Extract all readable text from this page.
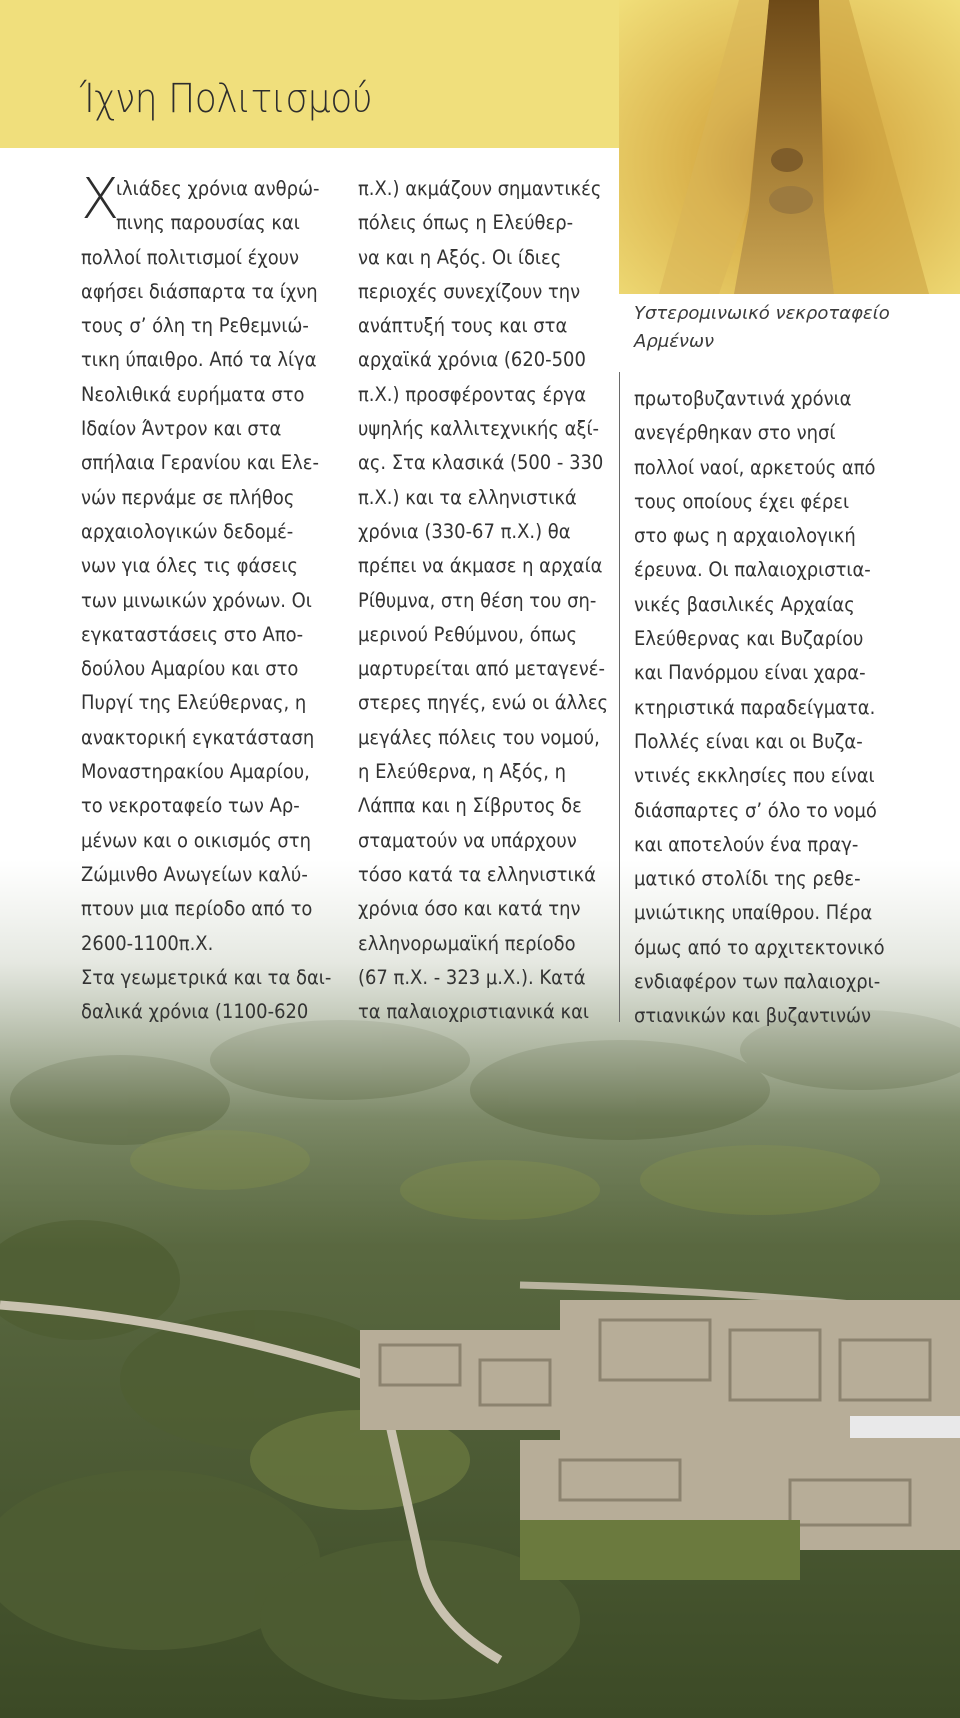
Ίχνη Πολιτισμού
Υστερομινωικό νεκροταφείο
Αρμένων
Χ
ιλιάδες χρόνια ανθρώ-
πινης παρουσίας και
πολλοί πολιτισμοί έχουν
αφήσει διάσπαρτα τα ίχνη
τους σ’ όλη τη Ρεθεμνιώ-
τικη ύπαιθρο. Από τα λίγα
Νεολιθικά ευρήματα στο
Ιδαίον Άντρον και στα
σπήλαια Γερανίου και Ελε-
νών περνάμε σε πλήθος
αρχαιολογικών δεδομέ-
νων για όλες τις φάσεις
των μινωικών χρόνων. Οι
εγκαταστάσεις στο Απο-
δούλου Αμαρίου και στο
Πυργί της Ελεύθερνας, η
ανακτορική εγκατάσταση
Μοναστηρακίου Αμαρίου,
το νεκροταφείο των Αρ-
μένων και ο οικισμός στη
Ζώμινθο Ανωγείων καλύ-
πτουν μια περίοδο από το
2600-1100π.Χ.
Στα γεωμετρικά και τα δαι-
δαλικά χρόνια (1100-620
π.Χ.) ακμάζουν σημαντικές
πόλεις όπως η Ελεύθερ-
να και η Αξός. Οι ίδιες
περιοχές συνεχίζουν την
ανάπτυξή τους και στα
αρχαϊκά χρόνια (620-500
π.Χ.) προσφέροντας έργα
υψηλής καλλιτεχνικής αξί-
ας. Στα κλασικά (500 - 330
π.Χ.) και τα ελληνιστικά
χρόνια (330-67 π.Χ.) θα
πρέπει να άκμασε η αρχαία
Ρίθυμνα, στη θέση του ση-
μερινού Ρεθύμνου, όπως
μαρτυρείται από μεταγενέ-
στερες πηγές, ενώ οι άλλες
μεγάλες πόλεις του νομού,
η Ελεύθερνα, η Αξός, η
Λάππα και η Σίβρυτος δε
σταματούν να υπάρχουν
τόσο κατά τα ελληνιστικά
χρόνια όσο και κατά την
ελληνορωμαϊκή περίοδο
(67 π.Χ. - 323 μ.Χ.). Κατά
τα παλαιοχριστιανικά και
πρωτοβυζαντινά χρόνια
ανεγέρθηκαν στο νησί
πολλοί ναοί, αρκετούς από
τους οποίους έχει φέρει
στο φως η αρχαιολογική
έρευνα. Οι παλαιοχριστια-
νικές βασιλικές Αρχαίας
Ελεύθερνας και Βυζαρίου
και Πανόρμου είναι χαρα-
κτηριστικά παραδείγματα.
Πολλές είναι και οι Βυζα-
ντινές εκκλησίες που είναι
διάσπαρτες σ’ όλο το νομό
και αποτελούν ένα πραγ-
ματικό στολίδι της ρεθε-
μνιώτικης υπαίθρου. Πέρα
όμως από το αρχιτεκτονικό
ενδιαφέρον των παλαιοχρι-
στιανικών και βυζαντινών
